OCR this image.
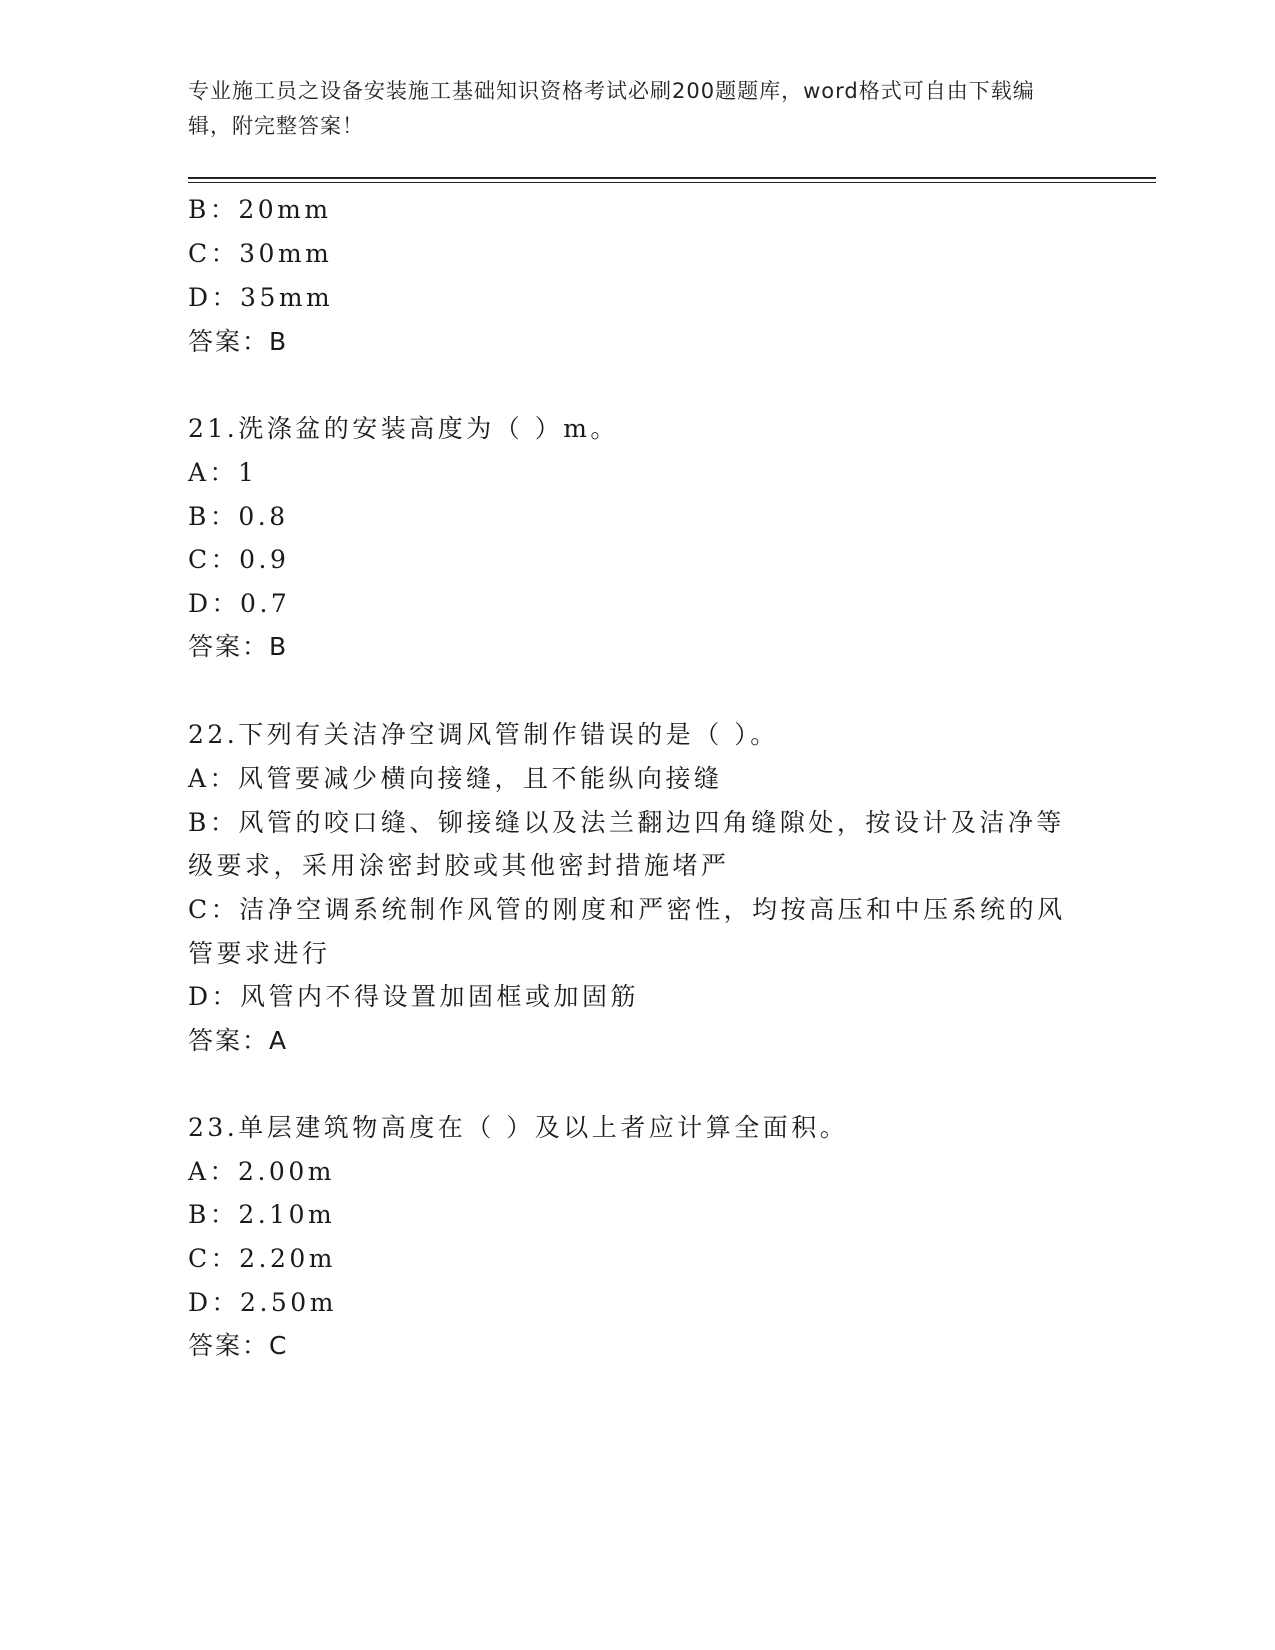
专业施工员之设备安装施工基础知识资格考试必刷200题题库，word格式可自由下载编辑，附完整答案！
B：20mm
C：30mm
D：35mm
答案：B
21.洗涤盆的安装高度为（ ）m。
A：1
B：0.8
C：0.9
D：0.7
答案：B
22.下列有关洁净空调风管制作错误的是（ ）。
A：风管要减少横向接缝，且不能纵向接缝
B：风管的咬口缝、铆接缝以及法兰翻边四角缝隙处，按设计及洁净等
级要求，采用涂密封胶或其他密封措施堵严
C：洁净空调系统制作风管的刚度和严密性，均按高压和中压系统的风
管要求进行
D：风管内不得设置加固框或加固筋
答案：A
23.单层建筑物高度在（ ）及以上者应计算全面积。
A：2.00m
B：2.10m
C：2.20m
D：2.50m
答案：C
